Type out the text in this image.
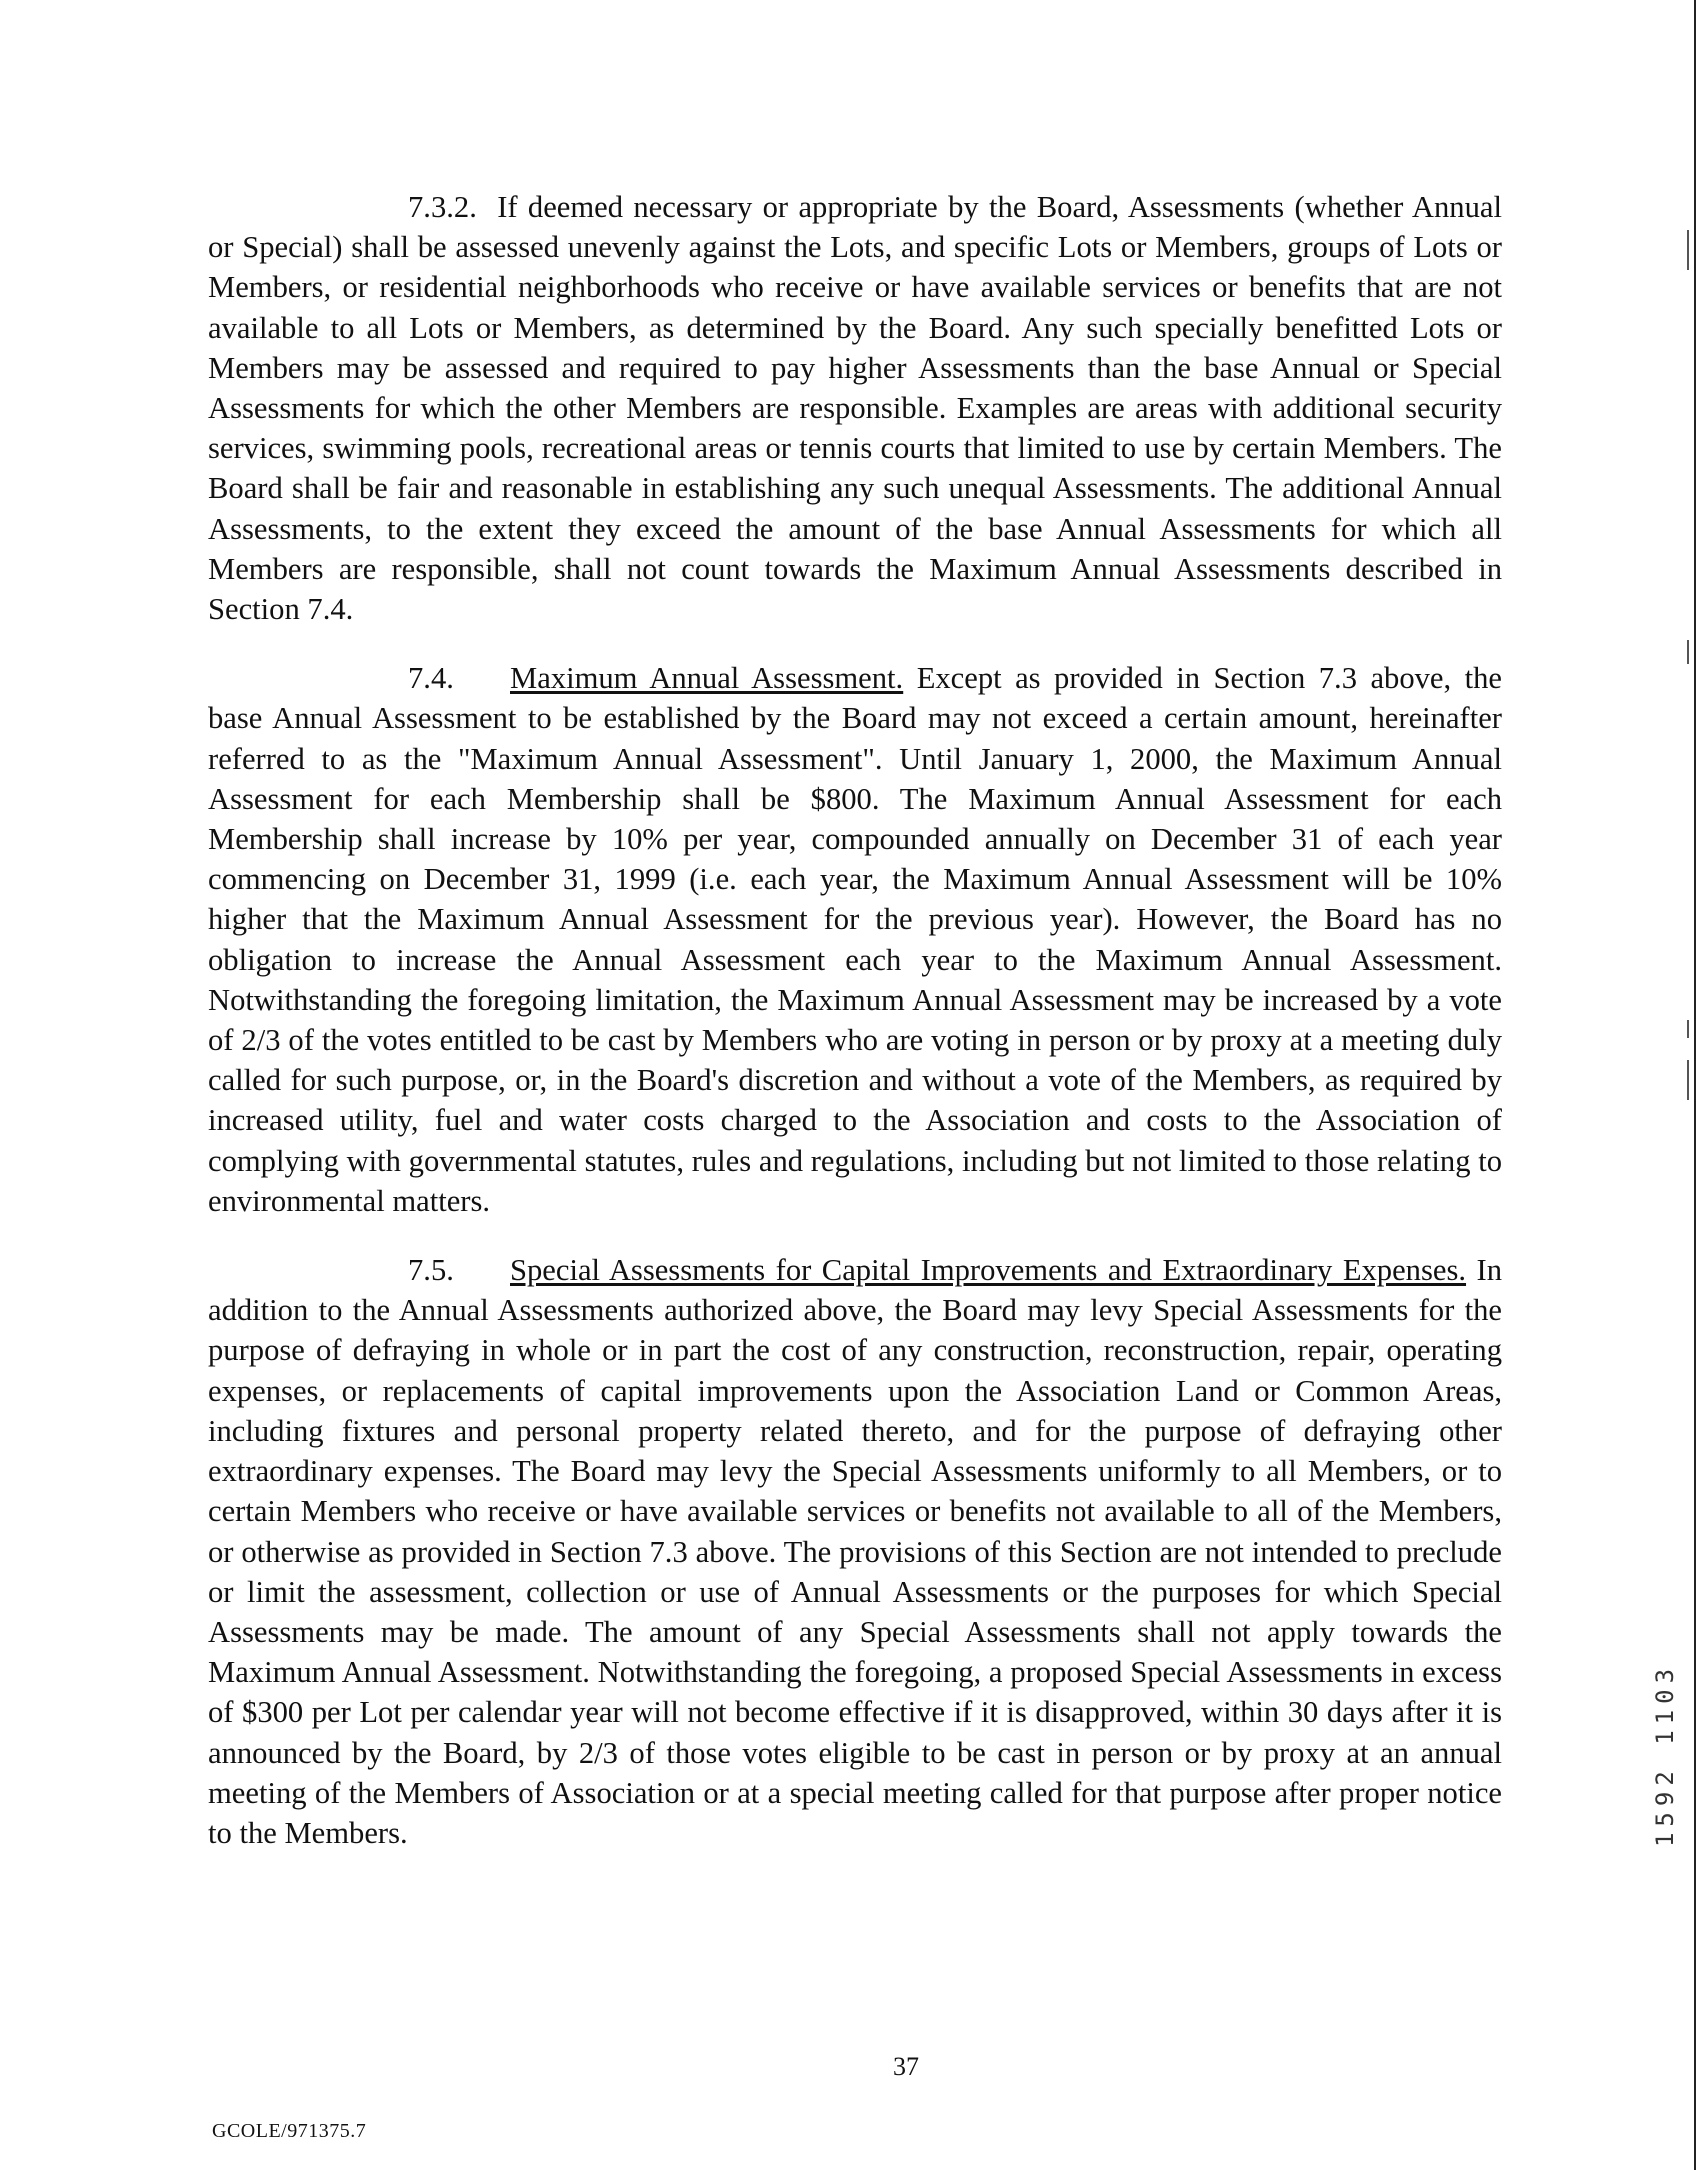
7.3.2. If deemed necessary or appropriate by the Board, Assessments (whether Annual or Special) shall be assessed unevenly against the Lots, and specific Lots or Members, groups of Lots or Members, or residential neighborhoods who receive or have available services or benefits that are not available to all Lots or Members, as determined by the Board. Any such specially benefitted Lots or Members may be assessed and required to pay higher Assessments than the base Annual or Special Assessments for which the other Members are responsible. Examples are areas with additional security services, swimming pools, recreational areas or tennis courts that limited to use by certain Members. The Board shall be fair and reasonable in establishing any such unequal Assessments. The additional Annual Assessments, to the extent they exceed the amount of the base Annual Assessments for which all Members are responsible, shall not count towards the Maximum Annual Assessments described in Section 7.4.

7.4. Maximum Annual Assessment. Except as provided in Section 7.3 above, the base Annual Assessment to be established by the Board may not exceed a certain amount, hereinafter referred to as the "Maximum Annual Assessment". Until January 1, 2000, the Maximum Annual Assessment for each Membership shall be $800. The Maximum Annual Assessment for each Membership shall increase by 10% per year, compounded annually on December 31 of each year commencing on December 31, 1999 (i.e. each year, the Maximum Annual Assessment will be 10% higher that the Maximum Annual Assessment for the previous year). However, the Board has no obligation to increase the Annual Assessment each year to the Maximum Annual Assessment. Notwithstanding the foregoing limitation, the Maximum Annual Assessment may be increased by a vote of 2/3 of the votes entitled to be cast by Members who are voting in person or by proxy at a meeting duly called for such purpose, or, in the Board's discretion and without a vote of the Members, as required by increased utility, fuel and water costs charged to the Association and costs to the Association of complying with governmental statutes, rules and regulations, including but not limited to those relating to environmental matters.

7.5. Special Assessments for Capital Improvements and Extraordinary Expenses. In addition to the Annual Assessments authorized above, the Board may levy Special Assessments for the purpose of defraying in whole or in part the cost of any construction, reconstruction, repair, operating expenses, or replacements of capital improvements upon the Association Land or Common Areas, including fixtures and personal property related thereto, and for the purpose of defraying other extraordinary expenses. The Board may levy the Special Assessments uniformly to all Members, or to certain Members who receive or have available services or benefits not available to all of the Members, or otherwise as provided in Section 7.3 above. The provisions of this Section are not intended to preclude or limit the assessment, collection or use of Annual Assessments or the purposes for which Special Assessments may be made. The amount of any Special Assessments shall not apply towards the Maximum Annual Assessment. Notwithstanding the foregoing, a proposed Special Assessments in excess of $300 per Lot per calendar year will not become effective if it is disapproved, within 30 days after it is announced by the Board, by 2/3 of those votes eligible to be cast in person or by proxy at an annual meeting of the Members of Association or at a special meeting called for that purpose after proper notice to the Members.

37
GCOLE/971375.7
1592 1103
